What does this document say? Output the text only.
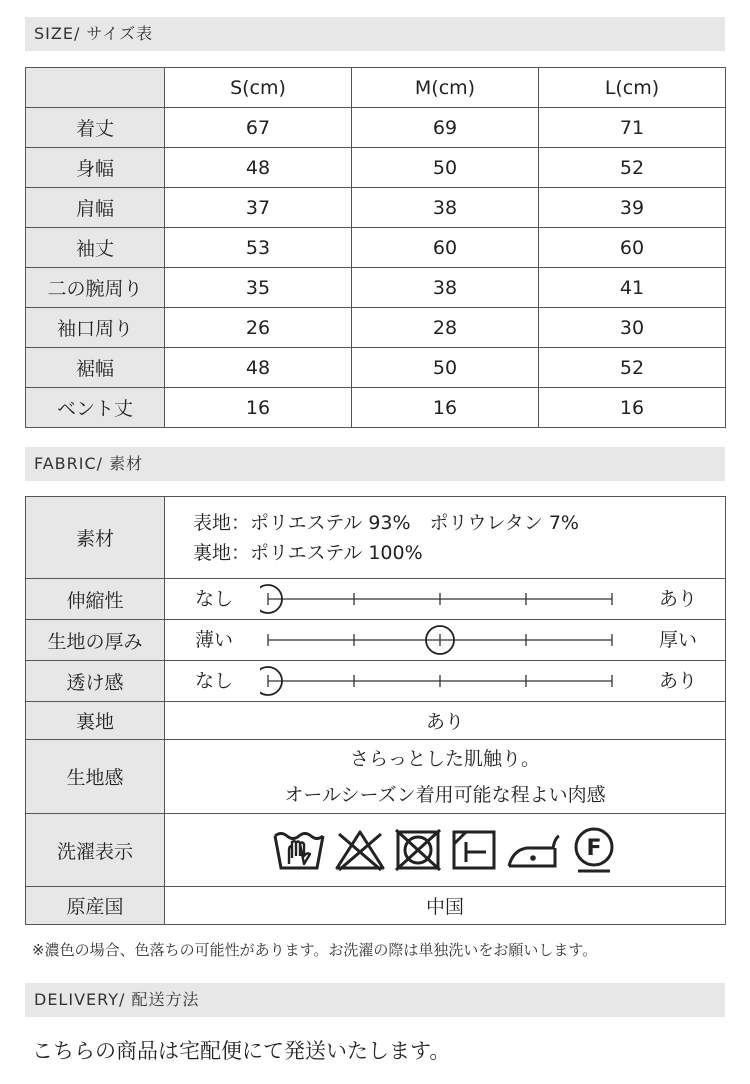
SIZE/ サイズ表
	S(cm)	M(cm)	L(cm)
着丈	67	69	71
身幅	48	50	52
肩幅	37	38	39
袖丈	53	60	60
二の腕周り	35	38	41
袖口周り	26	28	30
裾幅	48	50	52
ベント丈	16	16	16
FABRIC/ 素材
素材	表地：ポリエステル 93%　ポリウレタン 7%
裏地：ポリエステル 100%

伸縮性	なし あり

生地の厚み	薄い 厚い

透け感	なし あり

裏地	あり
生地感	さらっとした肌触り。
オールシーズン着用可能な程よい肉感

洗濯表示	F

原産国	中国
※濃色の場合、色落ちの可能性があります。お洗濯の際は単独洗いをお願いします。
DELIVERY/ 配送方法
こちらの商品は宅配便にて発送いたします。
